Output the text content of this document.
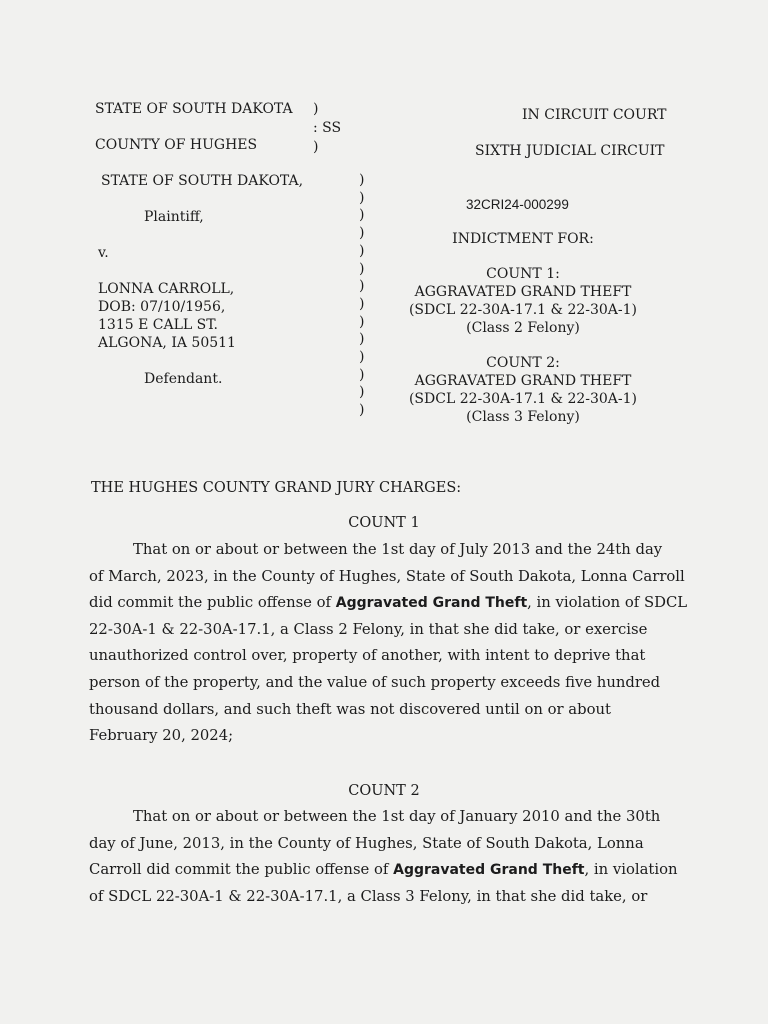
STATE OF SOUTH DAKOTA )
: SS
COUNTY OF HUGHES	)
IN CIRCUIT COURT
SIXTH JUDICIAL CIRCUIT
STATE OF SOUTH DAKOTA,
Plaintiff,
v.
LONNA CARROLL,
DOB: 07/10/1956,
1315 E CALL ST.
ALGONA, IA 50511
Defendant.
)
)
)
)
)
)
)
)
)
)
)
)
)
)
32CRI24-000299
INDICTMENT FOR:
COUNT 1:
AGGRAVATED GRAND THEFT
(SDCL 22-30A-17.1 & 22-30A-1)
(Class 2 Felony)
COUNT 2:
AGGRAVATED GRAND THEFT
(SDCL 22-30A-17.1 & 22-30A-1)
(Class 3 Felony)
THE HUGHES COUNTY GRAND JURY CHARGES:
COUNT 1
That on or about or between the 1st day of July 2013 and the 24th day
of March, 2023, in the County of Hughes, State of South Dakota, Lonna Carroll
did commit the public offense of Aggravated Grand Theft, in violation of SDCL
22-30A-1 & 22-30A-17.1, a Class 2 Felony, in that she did take, or exercise
unauthorized control over, property of another, with intent to deprive that
person of the property, and the value of such property exceeds five hundred
thousand dollars, and such theft was not discovered until on or about
February 20, 2024;
COUNT 2
That on or about or between the 1st day of January 2010 and the 30th
day of June, 2013, in the County of Hughes, State of South Dakota, Lonna
Carroll did commit the public offense of Aggravated Grand Theft, in violation
of SDCL 22-30A-1 & 22-30A-17.1, a Class 3 Felony, in that she did take, or
